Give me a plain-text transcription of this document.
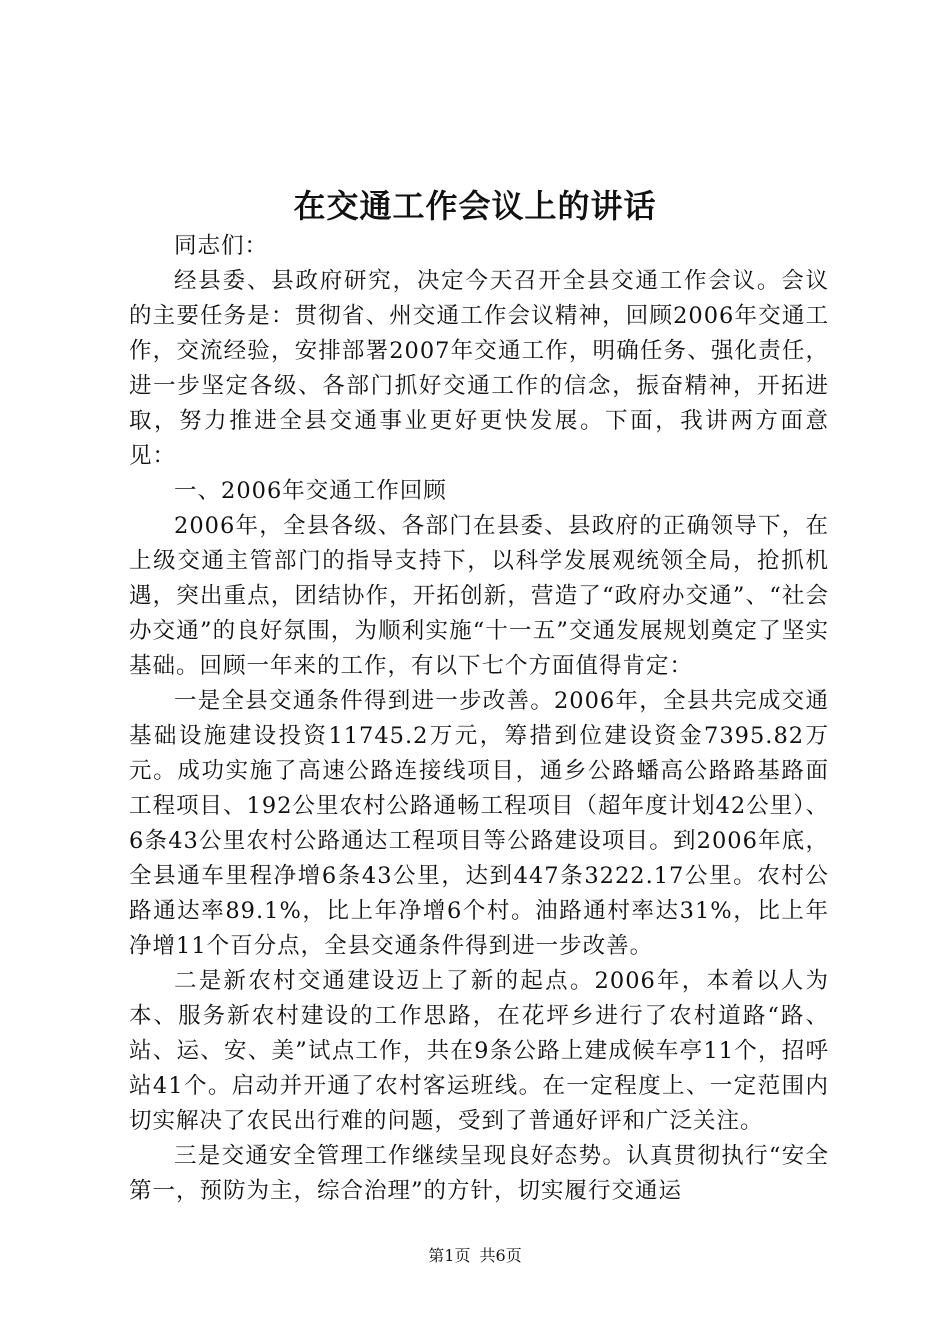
在交通工作会议上的讲话

同志们：

经县委、县政府研究，决定今天召开全县交通工作会议。会议的主要任务是：贯彻省、州交通工作会议精神，回顾2006年交通工作，交流经验，安排部署2007年交通工作，明确任务、强化责任，进一步坚定各级、各部门抓好交通工作的信念，振奋精神，开拓进取，努力推进全县交通事业更好更快发展。下面，我讲两方面意见：

一、2006年交通工作回顾

2006年，全县各级、各部门在县委、县政府的正确领导下，在上级交通主管部门的指导支持下，以科学发展观统领全局，抢抓机遇，突出重点，团结协作，开拓创新，营造了“政府办交通”、“社会办交通”的良好氛围，为顺利实施“十一五”交通发展规划奠定了坚实基础。回顾一年来的工作，有以下七个方面值得肯定：

一是全县交通条件得到进一步改善。2006年，全县共完成交通基础设施建设投资11745.2万元，筹措到位建设资金7395.82万元。成功实施了高速公路连接线项目，通乡公路蟠高公路路基路面工程项目、192公里农村公路通畅工程项目（超年度计划42公里）、6条43公里农村公路通达工程项目等公路建设项目。到2006年底，全县通车里程净增6条43公里，达到447条3222.17公里。农村公路通达率89.1%，比上年净增6个村。油路通村率达31%，比上年净增11个百分点，全县交通条件得到进一步改善。

二是新农村交通建设迈上了新的起点。2006年，本着以人为本、服务新农村建设的工作思路，在花坪乡进行了农村道路“路、站、运、安、美”试点工作，共在9条公路上建成候车亭11个，招呼站41个。启动并开通了农村客运班线。在一定程度上、一定范围内切实解决了农民出行难的问题，受到了普通好评和广泛关注。

三是交通安全管理工作继续呈现良好态势。认真贯彻执行“安全第一，预防为主，综合治理”的方针，切实履行交通运

第1页 共6页
